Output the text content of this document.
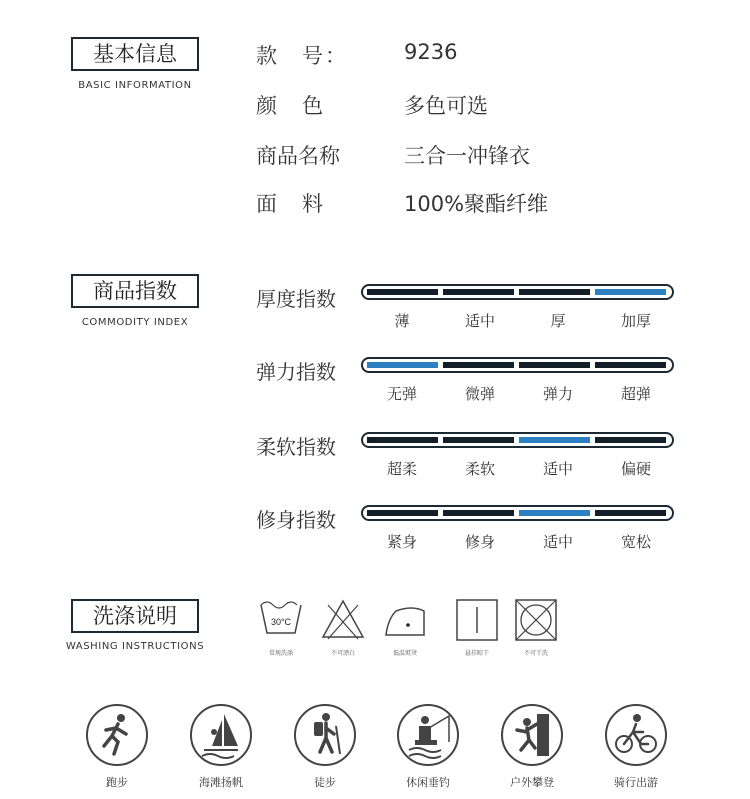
基本信息
BASIC INFORMATION
款　号：	9236
颜　色	多色可选
商品名称	三合一冲锋衣
面　料	100%聚酯纤维
商品指数
COMMODITY INDEX
厚度指数
薄	适中	厚	加厚
弹力指数
无弹	微弹	弹力	超弹
柔软指数
超柔	柔软	适中	偏硬
修身指数
紧身	修身	适中	宽松
洗涤说明
WASHING INSTRUCTIONS
30°C
常规洗涤	不可漂白	低温熨烫	悬挂晾干	不可干洗
跑步	海滩扬帆	徒步	休闲垂钓	户外攀登	骑行出游
